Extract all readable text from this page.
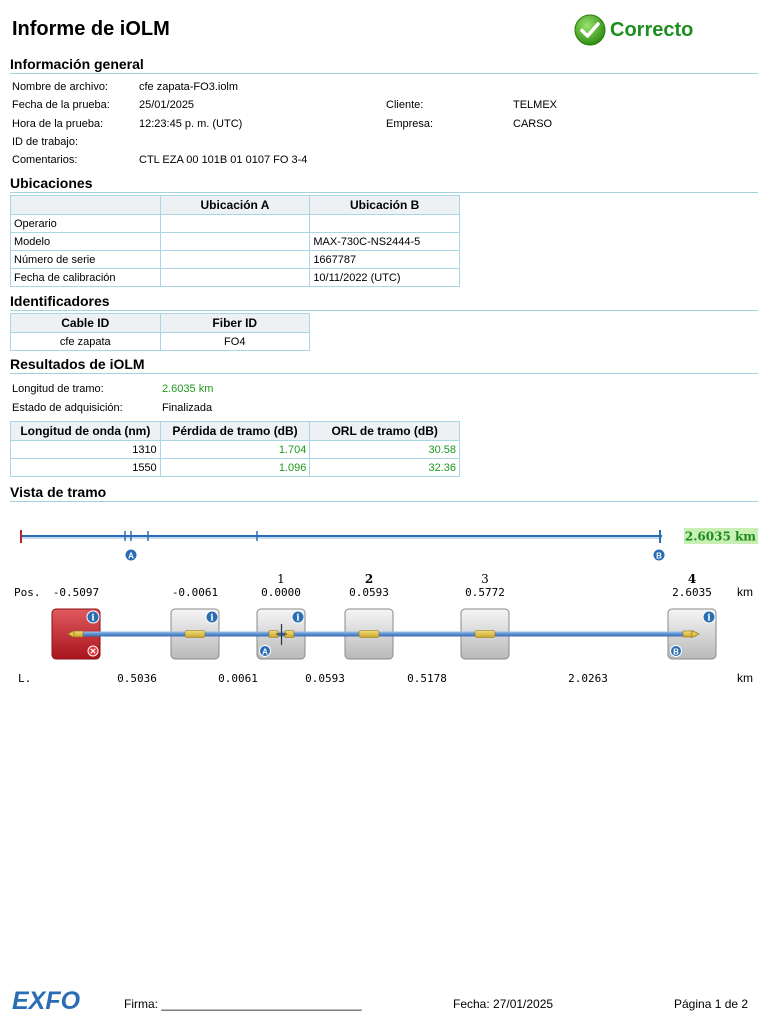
Informe de iOLM	Correcto
Información general
Nombre de archivo:	cfe zapata-FO3.iolm
Fecha de la prueba:	25/01/2025	Cliente:	TELMEX
Hora de la prueba:	12:23:45 p. m. (UTC)	Empresa:	CARSO
ID de trabajo:
Comentarios:	CTL EZA 00 101B 01 0107 FO 3-4
Ubicaciones
	Ubicación A	Ubicación B
Operario		
Modelo		MAX-730C-NS2444-5
Número de serie		1667787
Fecha de calibración		10/11/2022 (UTC)
Identificadores
Cable ID	Fiber ID
cfe zapata	FO4
Resultados de iOLM
Longitud de tramo:	2.6035 km
Estado de adquisición:	Finalizada
Longitud de onda (nm)	Pérdida de tramo (dB)	ORL de tramo (dB)
1310	1.704	30.58
1550	1.096	32.36
Vista de tramo
A	B
2.6035 km
1	2	3	4
Pos. -0.5097	-0.0061	0.0000	0.0593	0.5772	2.6035 km
i	i	i
A
i
B
L.	0.5036	0.0061	0.0593	0.5178	2.0263	km
EXFO	Firma: ______________________________	Fecha: 27/01/2025	Página 1 de 2
